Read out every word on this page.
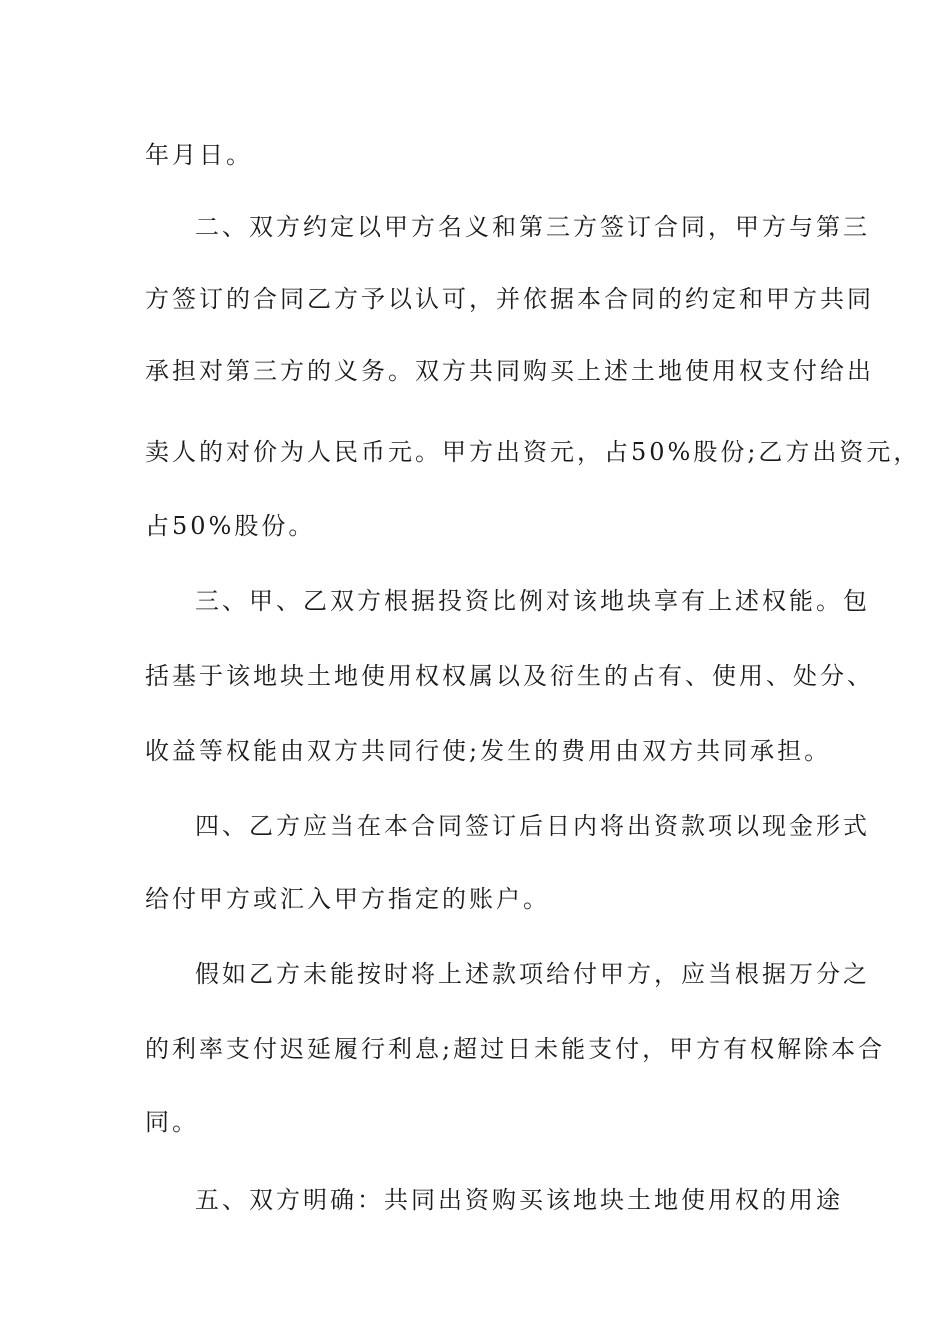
年月日。
二、双方约定以甲方名义和第三方签订合同，甲方与第三
方签订的合同乙方予以认可，并依据本合同的约定和甲方共同
承担对第三方的义务。双方共同购买上述土地使用权支付给出
卖人的对价为人民币元。甲方出资元，占50%股份;乙方出资元，
占50%股份。
三、甲、乙双方根据投资比例对该地块享有上述权能。包
括基于该地块土地使用权权属以及衍生的占有、使用、处分、
收益等权能由双方共同行使;发生的费用由双方共同承担。
四、乙方应当在本合同签订后日内将出资款项以现金形式
给付甲方或汇入甲方指定的账户。
假如乙方未能按时将上述款项给付甲方，应当根据万分之
的利率支付迟延履行利息;超过日未能支付，甲方有权解除本合
同。
五、双方明确：共同出资购买该地块土地使用权的用途
